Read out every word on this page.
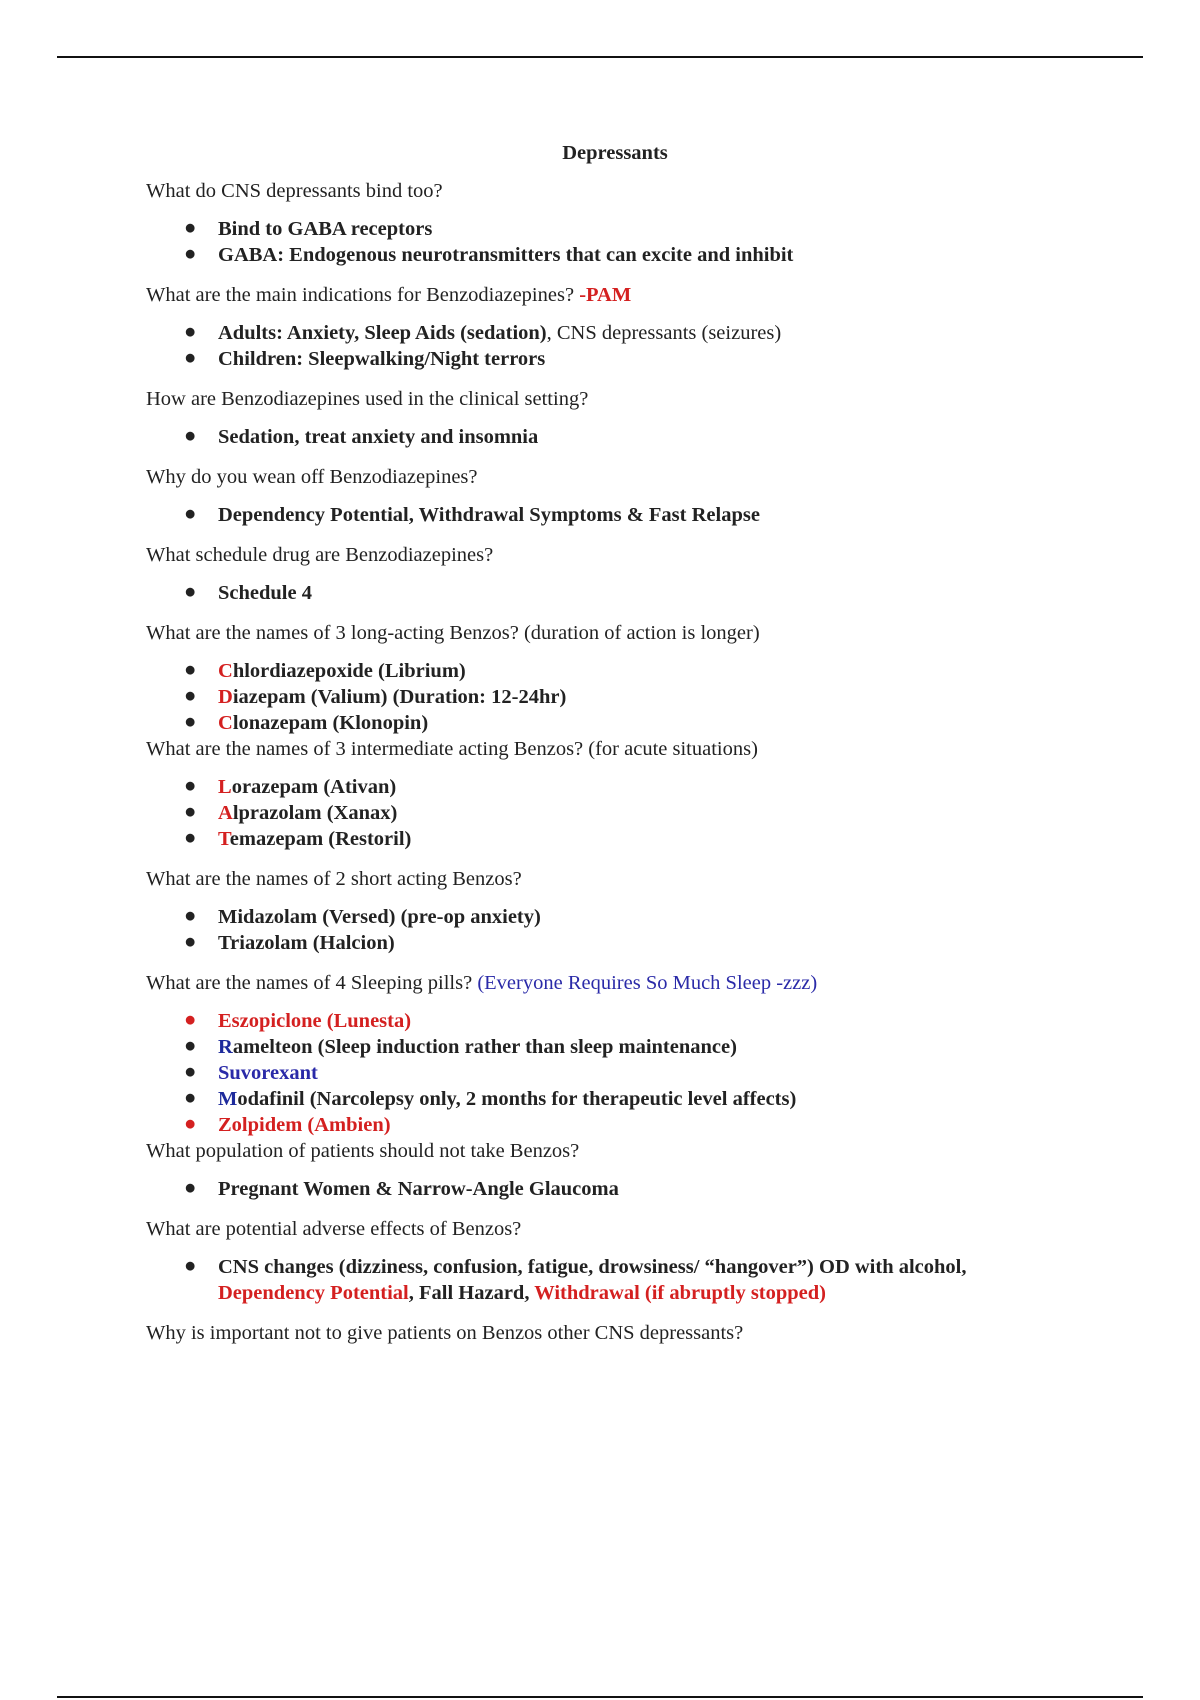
Depressants

What do CNS depressants bind too?

● Bind to GABA receptors
● GABA: Endogenous neurotransmitters that can excite and inhibit

What are the main indications for Benzodiazepines? -PAM

● Adults: Anxiety, Sleep Aids (sedation), CNS depressants (seizures)
● Children: Sleepwalking/Night terrors

How are Benzodiazepines used in the clinical setting?

● Sedation, treat anxiety and insomnia

Why do you wean off Benzodiazepines?

● Dependency Potential, Withdrawal Symptoms & Fast Relapse

What schedule drug are Benzodiazepines?

● Schedule 4

What are the names of 3 long-acting Benzos? (duration of action is longer)

● Chlordiazepoxide (Librium)
● Diazepam (Valium) (Duration: 12-24hr)
● Clonazepam (Klonopin)

What are the names of 3 intermediate acting Benzos? (for acute situations)

● Lorazepam (Ativan)
● Alprazolam (Xanax)
● Temazepam (Restoril)

What are the names of 2 short acting Benzos?

● Midazolam (Versed) (pre-op anxiety)
● Triazolam (Halcion)

What are the names of 4 Sleeping pills? (Everyone Requires So Much Sleep -zzz)

● Eszopiclone (Lunesta)
● Ramelteon (Sleep induction rather than sleep maintenance)
● Suvorexant
● Modafinil (Narcolepsy only, 2 months for therapeutic level affects)
● Zolpidem (Ambien)

What population of patients should not take Benzos?

● Pregnant Women & Narrow-Angle Glaucoma

What are potential adverse effects of Benzos?

● CNS changes (dizziness, confusion, fatigue, drowsiness/ “hangover”) OD with alcohol, Dependency Potential, Fall Hazard, Withdrawal (if abruptly stopped)

Why is important not to give patients on Benzos other CNS depressants?
